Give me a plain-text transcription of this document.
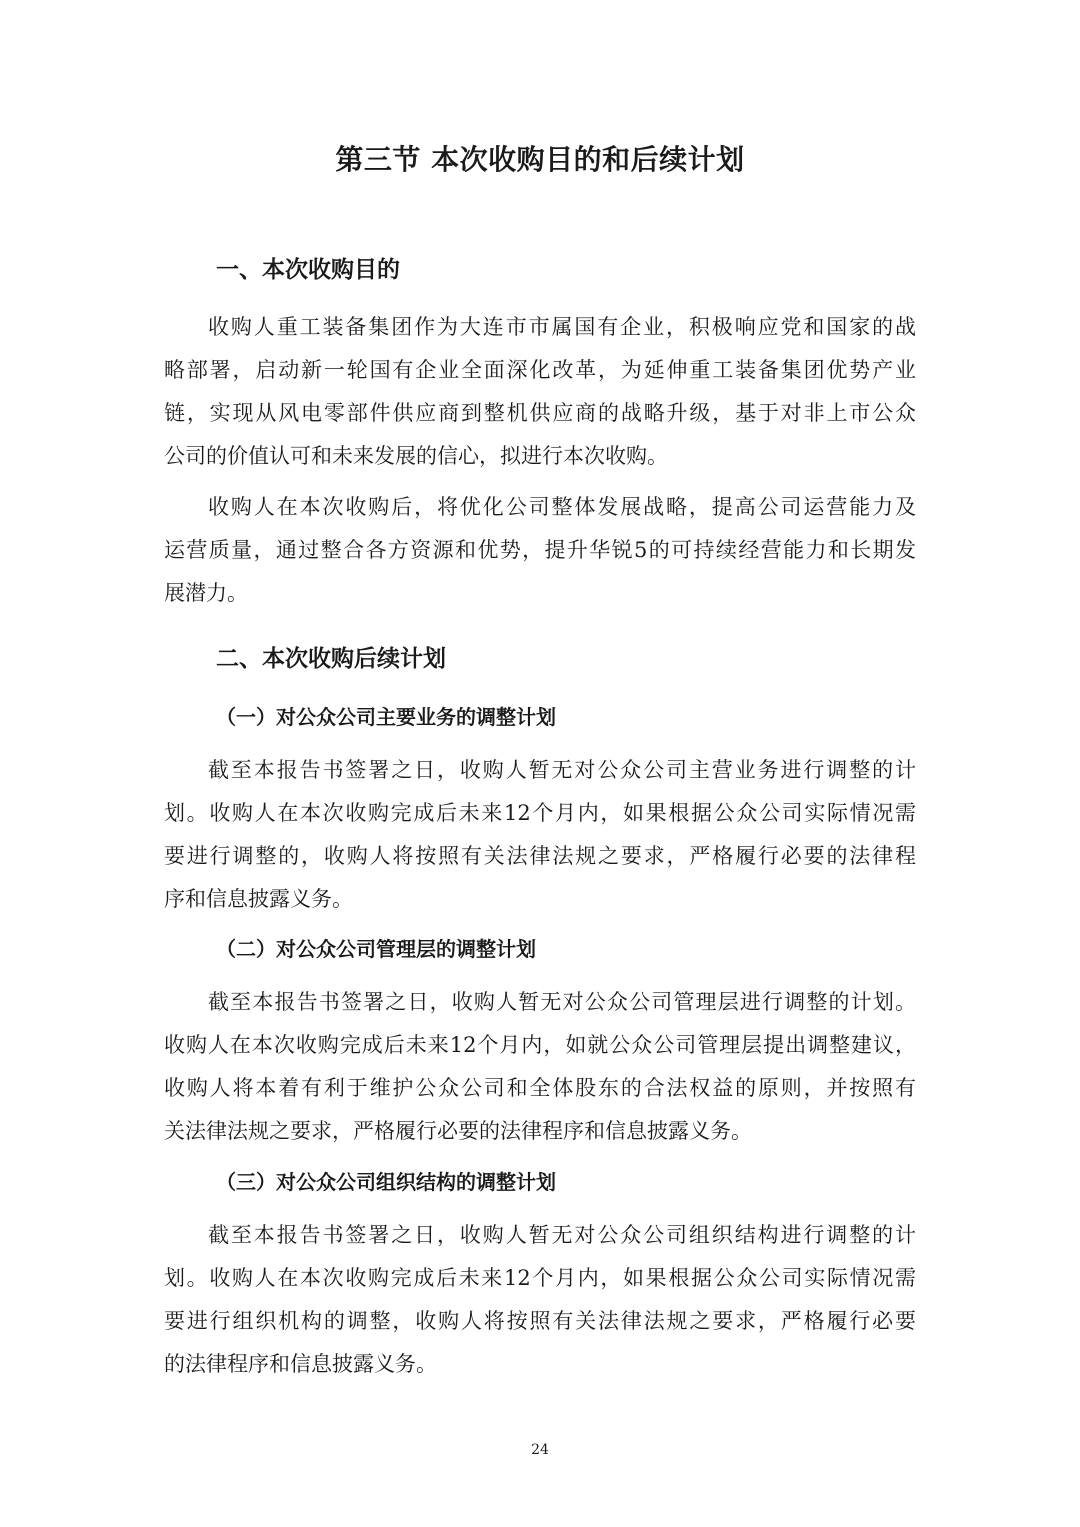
第三节 本次收购目的和后续计划
一、本次收购目的
收购人重工装备集团作为大连市市属国有企业，积极响应党和国家的战
略部署，启动新一轮国有企业全面深化改革，为延伸重工装备集团优势产业
链，实现从风电零部件供应商到整机供应商的战略升级，基于对非上市公众
公司的价值认可和未来发展的信心，拟进行本次收购。
收购人在本次收购后，将优化公司整体发展战略，提高公司运营能力及
运营质量，通过整合各方资源和优势，提升华锐5的可持续经营能力和长期发
展潜力。
二、本次收购后续计划
（一）对公众公司主要业务的调整计划
截至本报告书签署之日，收购人暂无对公众公司主营业务进行调整的计
划。收购人在本次收购完成后未来12个月内，如果根据公众公司实际情况需
要进行调整的，收购人将按照有关法律法规之要求，严格履行必要的法律程
序和信息披露义务。
（二）对公众公司管理层的调整计划
截至本报告书签署之日，收购人暂无对公众公司管理层进行调整的计划。
收购人在本次收购完成后未来12个月内，如就公众公司管理层提出调整建议，
收购人将本着有利于维护公众公司和全体股东的合法权益的原则，并按照有
关法律法规之要求，严格履行必要的法律程序和信息披露义务。
（三）对公众公司组织结构的调整计划
截至本报告书签署之日，收购人暂无对公众公司组织结构进行调整的计
划。收购人在本次收购完成后未来12个月内，如果根据公众公司实际情况需
要进行组织机构的调整，收购人将按照有关法律法规之要求，严格履行必要
的法律程序和信息披露义务。
24
